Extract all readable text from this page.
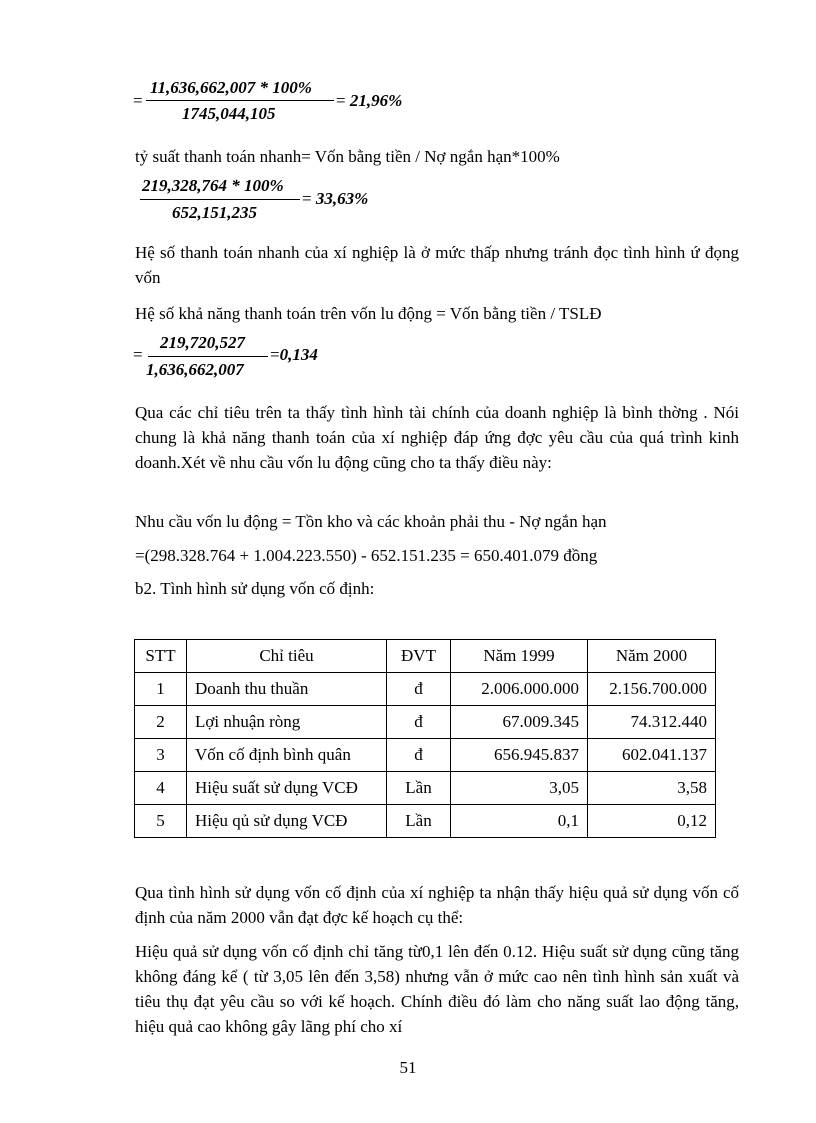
=
11,636,662,007 * 100%
1745,044,105
= 21,96%
tỷ suất thanh toán nhanh= Vốn bằng tiền / Nợ ngắn hạn*100%
219,328,764 * 100%
652,151,235
= 33,63%
Hệ số thanh toán nhanh của xí nghiệp là ở mức thấp nhưng tránh đọc tình hình ứ đọng vốn
Hệ số khả năng thanh toán trên vốn lu động = Vốn bằng tiền / TSLĐ
=
219,720,527
1,636,662,007
=0,134
Qua các chỉ tiêu trên ta thấy tình hình tài chính của doanh nghiệp là bình thờng . Nói chung là khả năng thanh toán của xí nghiệp đáp ứng đợc yêu cầu của quá trình kinh doanh.Xét về nhu cầu vốn lu động cũng cho ta thấy điều này:
Nhu cầu vốn lu động = Tồn kho và các khoản phải thu - Nợ ngắn hạn
=(298.328.764 + 1.004.223.550) - 652.151.235 = 650.401.079 đồng
b2. Tình hình sử dụng vốn cố định:
STT	Chỉ tiêu	ĐVT	Năm 1999	Năm 2000
1	Doanh thu thuần	đ	2.006.000.000	2.156.700.000
2	Lợi nhuận ròng	đ	67.009.345	74.312.440
3	Vốn cố định bình quân	đ	656.945.837	602.041.137
4	Hiệu suất sử dụng VCĐ	Lần	3,05	3,58
5	Hiệu qủ sử dụng VCĐ	Lần	0,1	0,12
Qua tình hình sử dụng vốn cố định của xí nghiệp ta nhận thấy hiệu quả sử dụng vốn cố định của năm 2000 vẫn đạt đợc kế hoạch cụ thể:
Hiệu quả sử dụng vốn cố định chỉ tăng từ0,1 lên đến 0.12. Hiệu suất sử dụng cũng tăng không đáng kể ( từ 3,05 lên đến 3,58) nhưng vẫn ở mức cao nên tình hình sản xuất và tiêu thụ đạt yêu cầu so với kế hoạch. Chính điều đó làm cho năng suất lao động tăng, hiệu quả cao không gây lãng phí cho xí
51
